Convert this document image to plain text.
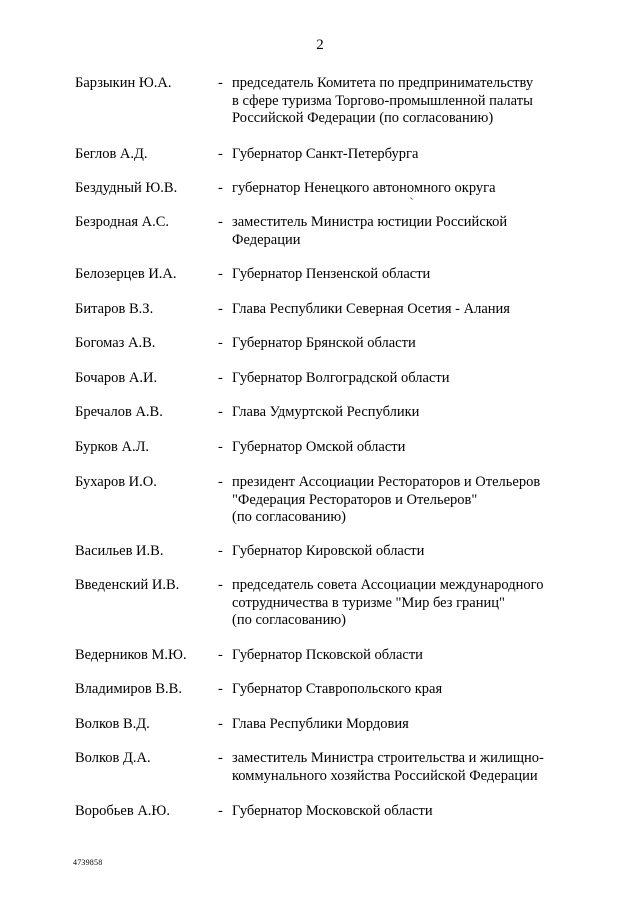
2
Барзыкин Ю.А.	- председатель Комитета по предпринимательству
в сфере туризма Торгово-промышленной палаты
Российской Федерации (по согласованию)
Беглов А.Д.	- Губернатор Санкт-Петербурга
Бездудный Ю.В.	- губернатор Ненецкого автономного округа
Безродная А.С.	- заместитель Министра юстиции Российской
Федерации
Белозерцев И.А.	- Губернатор Пензенской области
Битаров В.З.	- Глава Республики Северная Осетия - Алания
Богомаз А.В.	- Губернатор Брянской области
Бочаров А.И.	- Губернатор Волгоградской области
Бречалов А.В.	- Глава Удмуртской Республики
Бурков А.Л.	- Губернатор Омской области
Бухаров И.О.	- президент Ассоциации Рестораторов и Отельеров
"Федерация Рестораторов и Отельеров"
(по согласованию)
Васильев И.В.	- Губернатор Кировской области
Введенский И.В.	- председатель совета Ассоциации международного
сотрудничества в туризме "Мир без границ"
(по согласованию)
Ведерников М.Ю. - Губернатор Псковской области
Владимиров В.В. - Губернатор Ставропольского края
Волков В.Д.	- Глава Республики Мордовия
Волков Д.А.	- заместитель Министра строительства и жилищно-
коммунального хозяйства Российской Федерации
Воробьев А.Ю.	- Губернатор Московской области
4739858
